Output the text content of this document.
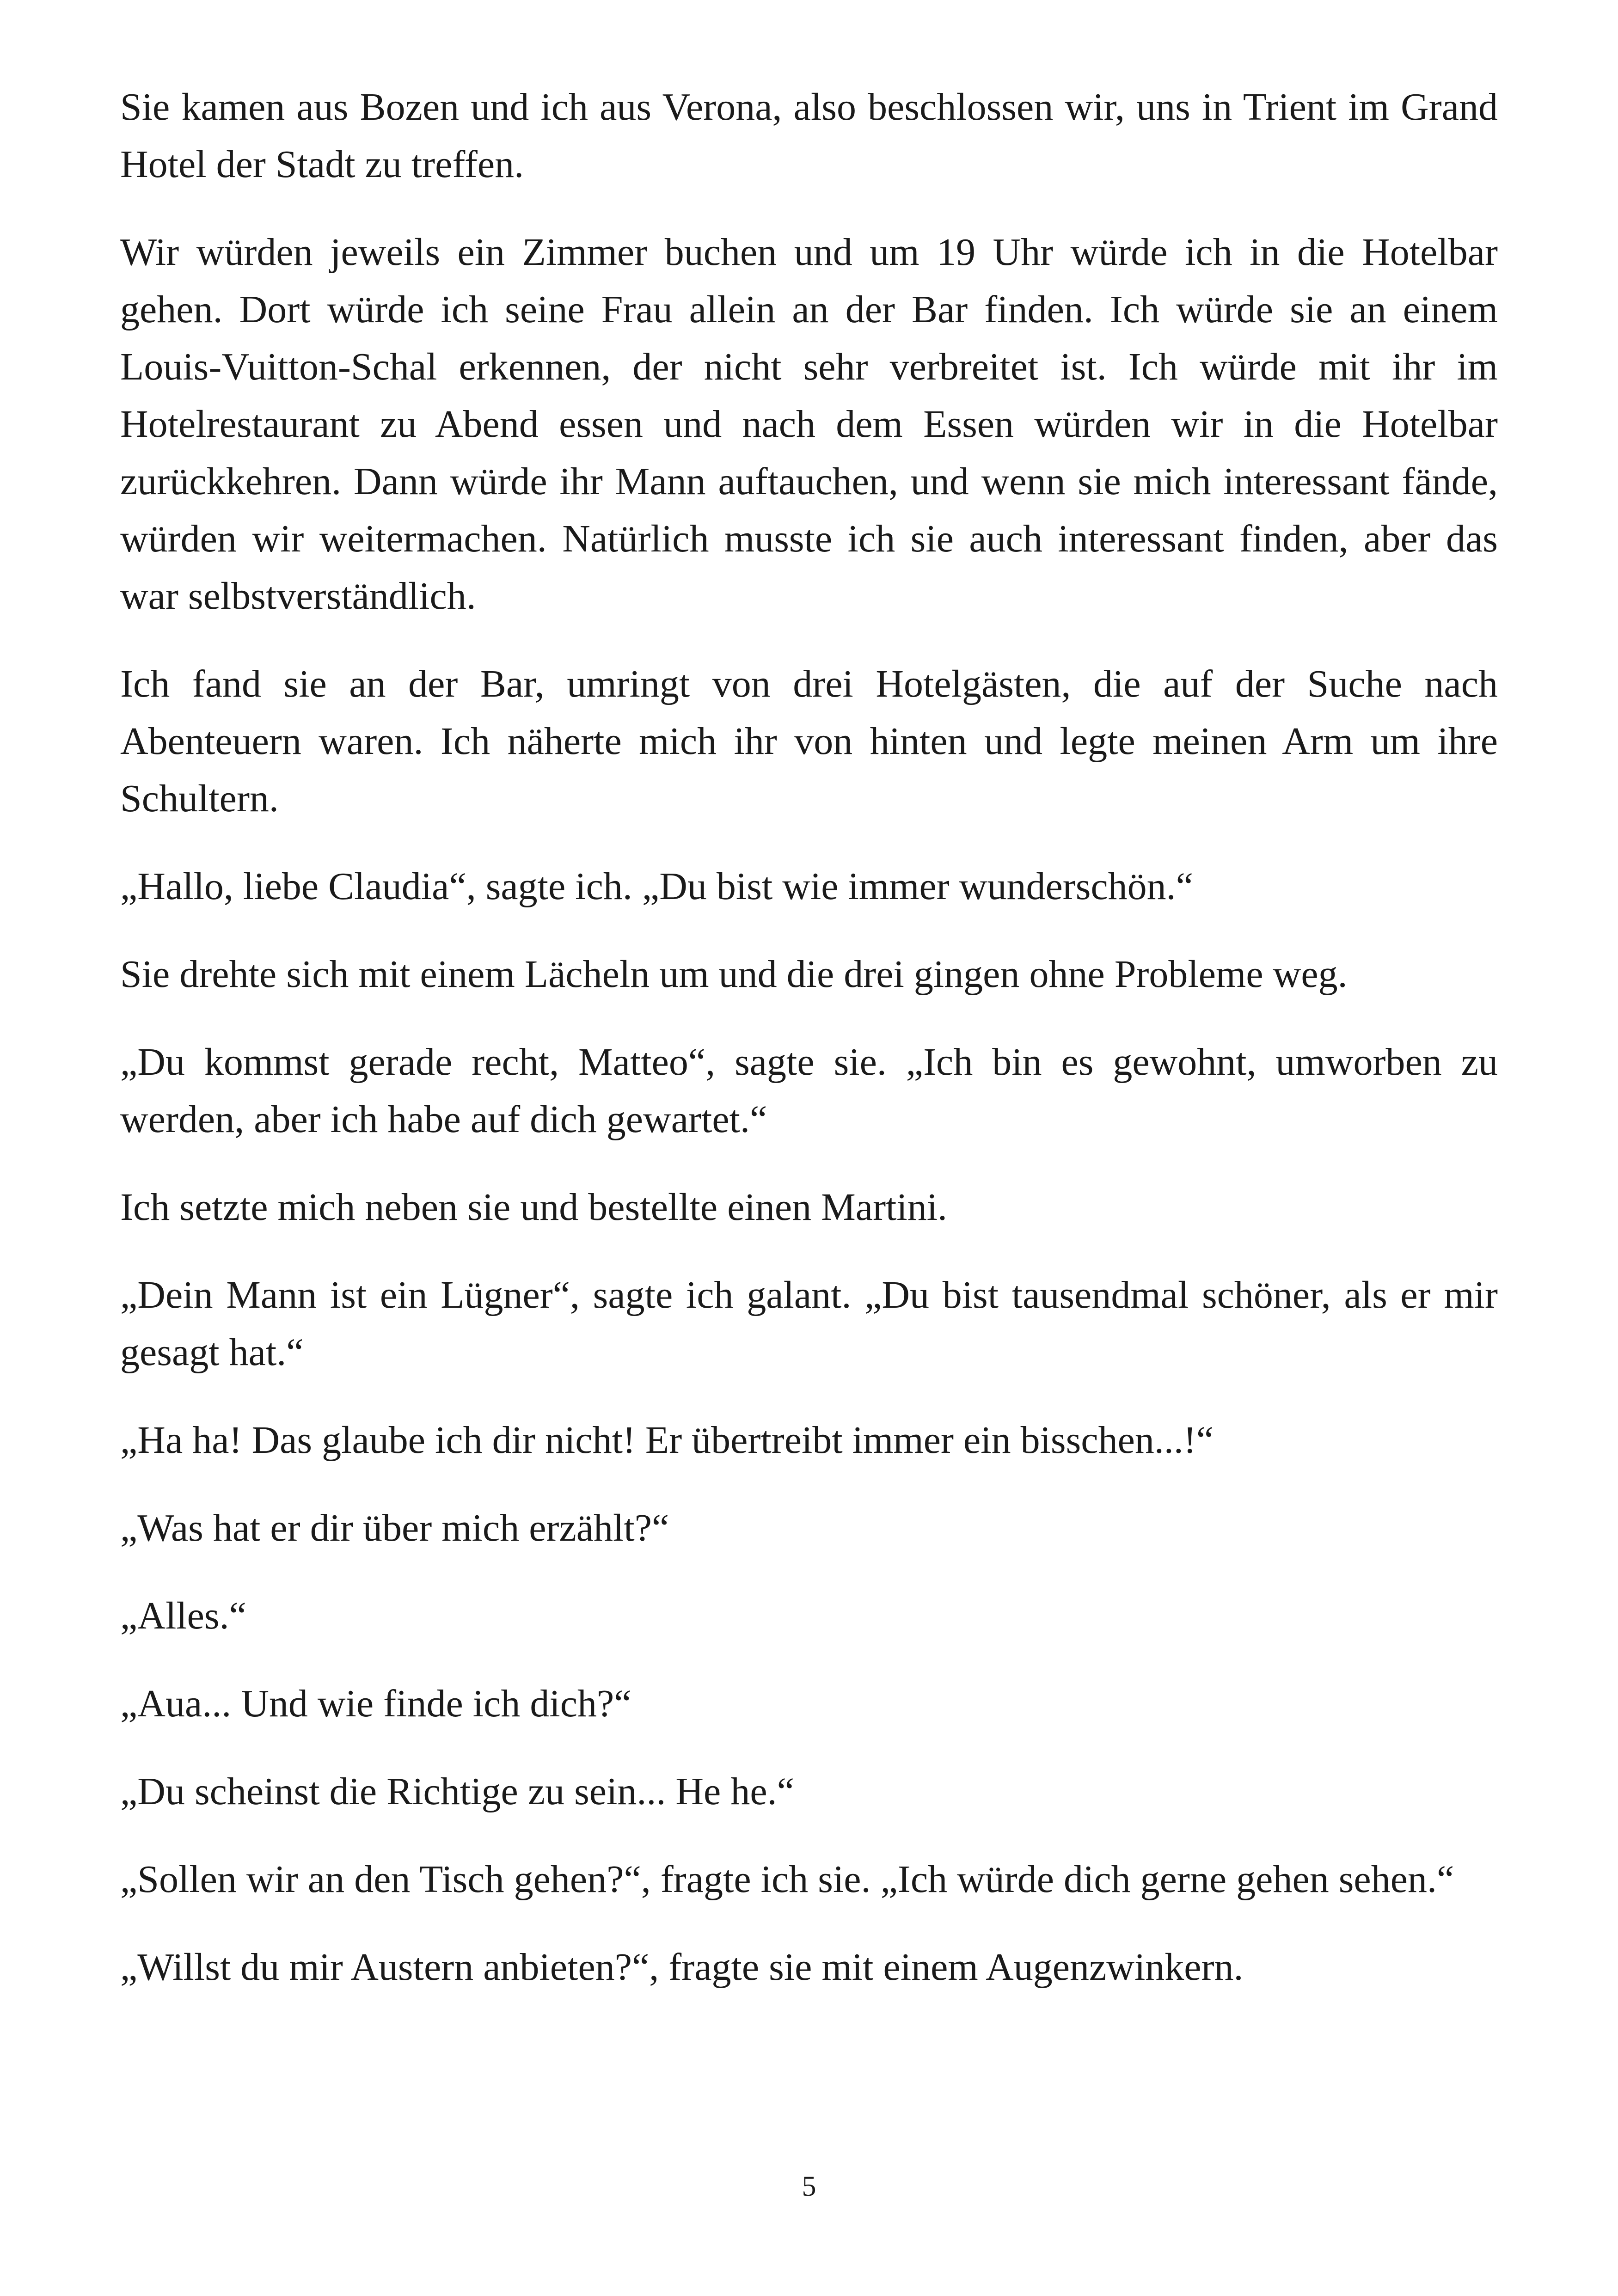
Sie kamen aus Bozen und ich aus Verona, also beschlossen wir, uns in Trient im Grand Hotel der Stadt zu treffen.

Wir würden jeweils ein Zimmer buchen und um 19 Uhr würde ich in die Hotelbar gehen. Dort würde ich seine Frau allein an der Bar finden. Ich würde sie an einem Louis-Vuitton-Schal erkennen, der nicht sehr verbreitet ist. Ich würde mit ihr im Hotelrestaurant zu Abend essen und nach dem Essen würden wir in die Hotelbar zurückkehren. Dann würde ihr Mann auftauchen, und wenn sie mich interessant fände, würden wir weitermachen. Natürlich musste ich sie auch interessant finden, aber das war selbstverständlich.

Ich fand sie an der Bar, umringt von drei Hotelgästen, die auf der Suche nach Abenteuern waren. Ich näherte mich ihr von hinten und legte meinen Arm um ihre Schultern.

„Hallo, liebe Claudia“, sagte ich. „Du bist wie immer wunderschön.“

Sie drehte sich mit einem Lächeln um und die drei gingen ohne Probleme weg.

„Du kommst gerade recht, Matteo“, sagte sie. „Ich bin es gewohnt, umworben zu werden, aber ich habe auf dich gewartet.“

Ich setzte mich neben sie und bestellte einen Martini.

„Dein Mann ist ein Lügner“, sagte ich galant. „Du bist tausendmal schöner, als er mir gesagt hat.“

„Ha ha! Das glaube ich dir nicht! Er übertreibt immer ein bisschen...!“

„Was hat er dir über mich erzählt?“

„Alles.“

„Aua... Und wie finde ich dich?“

„Du scheinst die Richtige zu sein... He he.“

„Sollen wir an den Tisch gehen?“, fragte ich sie. „Ich würde dich gerne gehen sehen.“

„Willst du mir Austern anbieten?“, fragte sie mit einem Augenzwinkern.

5
